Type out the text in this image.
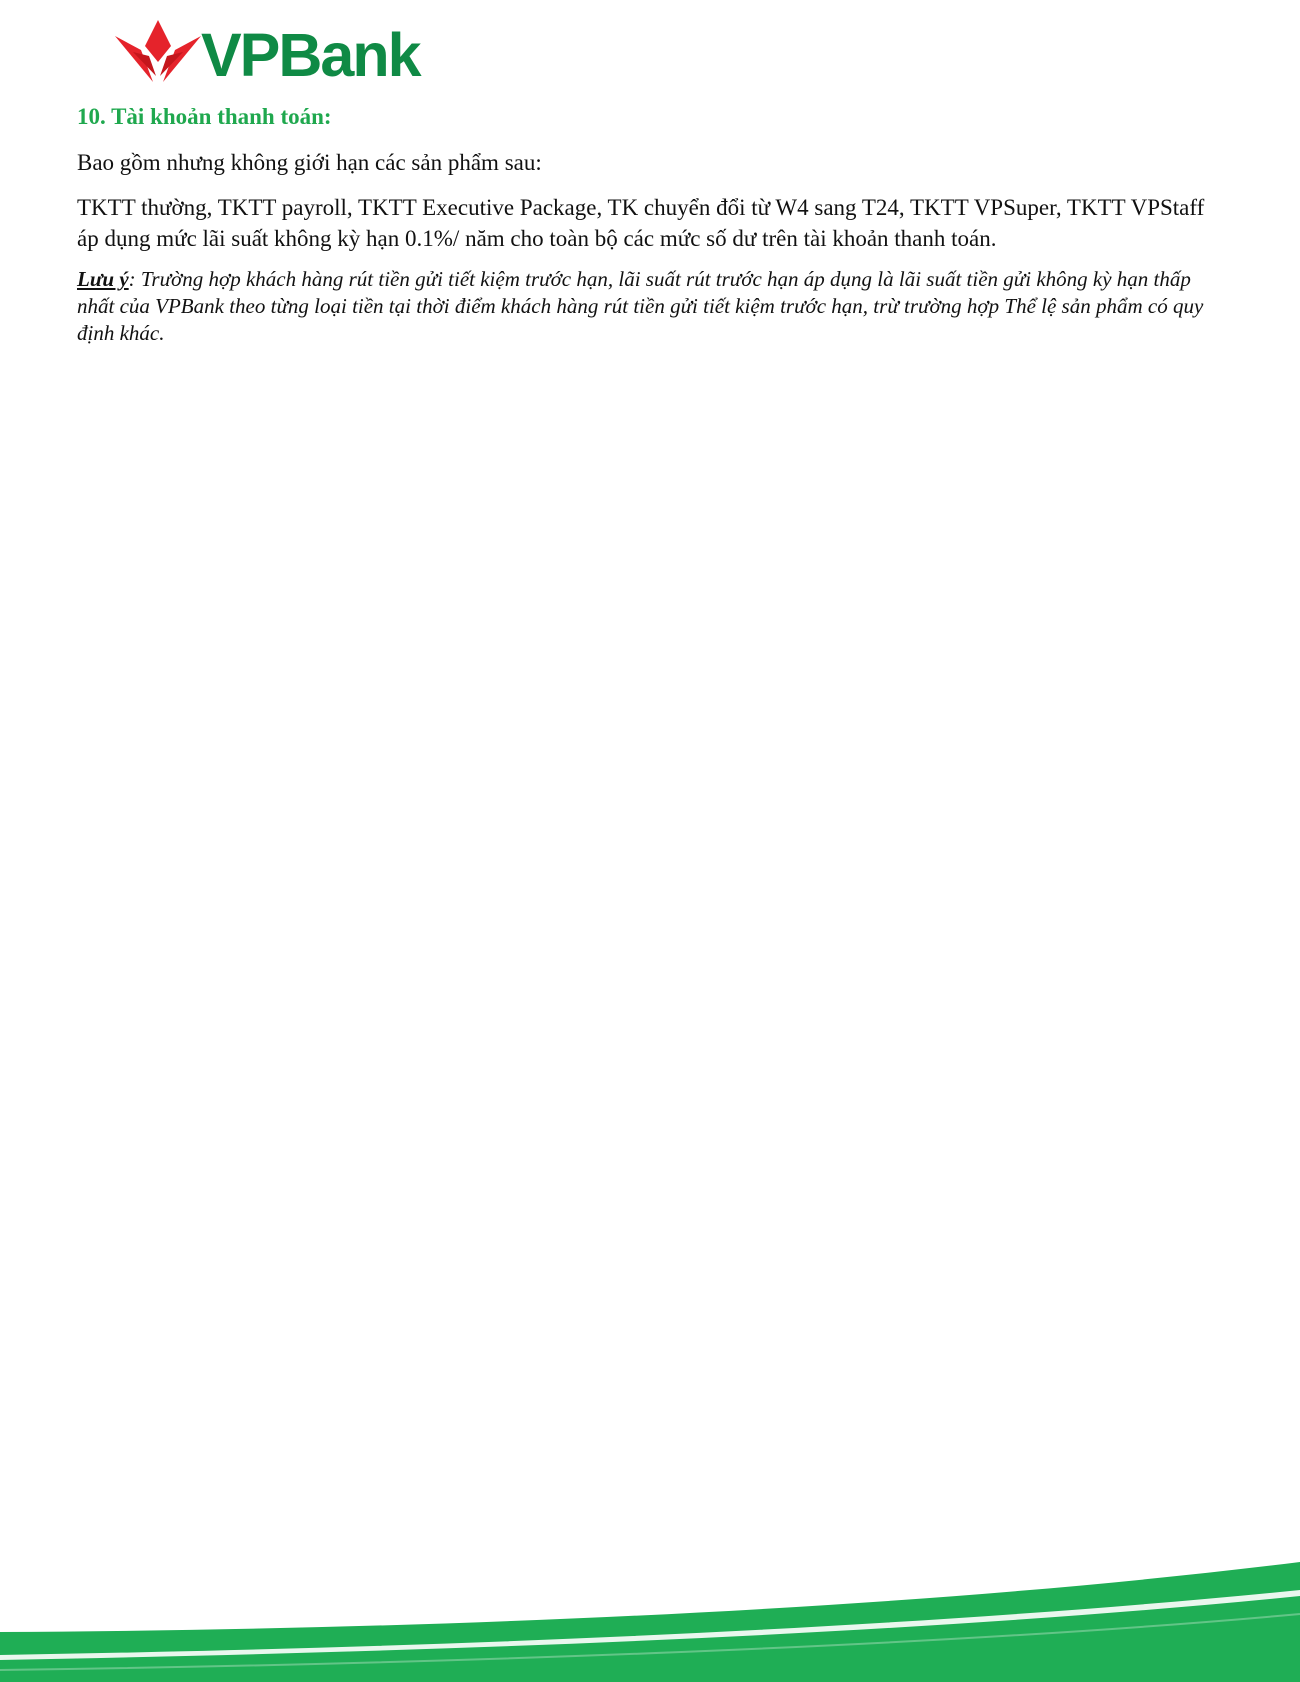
VPBank

10. Tài khoản thanh toán:

Bao gồm nhưng không giới hạn các sản phẩm sau:

TKTT thường, TKTT payroll, TKTT Executive Package, TK chuyển đổi từ W4 sang T24, TKTT VPSuper, TKTT VPStaff áp dụng mức lãi suất không kỳ hạn 0.1%/ năm cho toàn bộ các mức số dư trên tài khoản thanh toán.

Lưu ý: Trường hợp khách hàng rút tiền gửi tiết kiệm trước hạn, lãi suất rút trước hạn áp dụng là lãi suất tiền gửi không kỳ hạn thấp nhất của VPBank theo từng loại tiền tại thời điểm khách hàng rút tiền gửi tiết kiệm trước hạn, trừ trường hợp Thể lệ sản phẩm có quy định khác.
